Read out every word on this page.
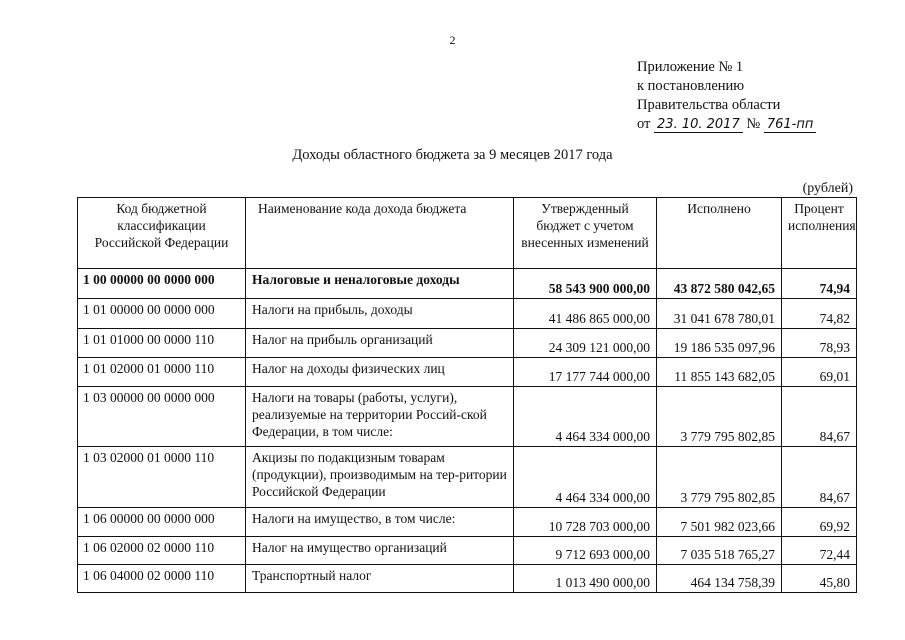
2
Приложение № 1
к постановлению
Правительства области
от 23. 10. 2017 № 761-пп
Доходы областного бюджета за 9 месяцев 2017 года
(рублей)
Код бюджетной классификации Российской Федерации	Наименование кода дохода бюджета	Утвержденный бюджет с учетом внесенных изменений	Исполнено	Процент исполнения
1 00 00000 00 0000 000	Налоговые и неналоговые доходы	58 543 900 000,00	43 872 580 042,65	74,94
1 01 00000 00 0000 000	Налоги на прибыль, доходы	41 486 865 000,00	31 041 678 780,01	74,82
1 01 01000 00 0000 110	Налог на прибыль организаций	24 309 121 000,00	19 186 535 097,96	78,93
1 01 02000 01 0000 110	Налог на доходы физических лиц	17 177 744 000,00	11 855 143 682,05	69,01
1 03 00000 00 0000 000	Налоги на товары (работы, услуги), реализуемые на территории Россий-ской Федерации, в том числе:	4 464 334 000,00	3 779 795 802,85	84,67
1 03 02000 01 0000 110	Акцизы по подакцизным товарам (продукции), производимым на тер-ритории Российской Федерации	4 464 334 000,00	3 779 795 802,85	84,67
1 06 00000 00 0000 000	Налоги на имущество, в том числе:	10 728 703 000,00	7 501 982 023,66	69,92
1 06 02000 02 0000 110	Налог на имущество организаций	9 712 693 000,00	7 035 518 765,27	72,44
1 06 04000 02 0000 110	Транспортный налог	1 013 490 000,00	464 134 758,39	45,80
